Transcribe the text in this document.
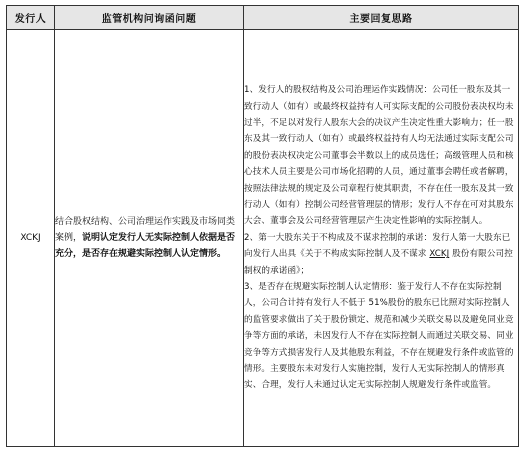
发行人	监管机构问询函问题	主要回复思路
XCKJ	结合股权结构、公司治理运作实践及市场同类案例，说明认定发行人无实际控制人依据是否充分，是否存在规避实际控制人认定情形。	1、发行人的股权结构及公司治理运作实践情况：公司任一股东及其一致行动人（如有）或最终权益持有人可实际支配的公司股份表决权均未过半，不足以对发行人股东大会的决议产生决定性重大影响力；任一股东及其一致行动人（如有）或最终权益持有人均无法通过实际支配公司的股份表决权决定公司董事会半数以上的成员选任；高级管理人员和核心技术人员主要是公司市场化招聘的人员，通过董事会聘任或者解聘，按照法律法规的规定及公司章程行使其职责，不存在任一股东及其一致行动人（如有）控制公司经营管理层的情形；发行人不存在可对其股东大会、董事会及公司经营管理层产生决定性影响的实际控制人。

2、第一大股东关于不构成及不谋求控制的承诺：发行人第一大股东已向发行人出具《关于不构成实际控制人及不谋求 XCKJ 股份有限公司控制权的承诺函》；

3、是否存在规避实际控制人认定情形：鉴于发行人不存在实际控制人，公司合计持有发行人不低于 51%股份的股东已比照对实际控制人的监管要求做出了关于股份锁定、规范和减少关联交易以及避免同业竞争等方面的承诺，未因发行人不存在实际控制人而通过关联交易、同业竞争等方式损害发行人及其他股东利益，不存在规避发行条件或监管的情形。主要股东未对发行人实施控制，发行人无实际控制人的情形真实、合理，发行人未通过认定无实际控制人规避发行条件或监管。
